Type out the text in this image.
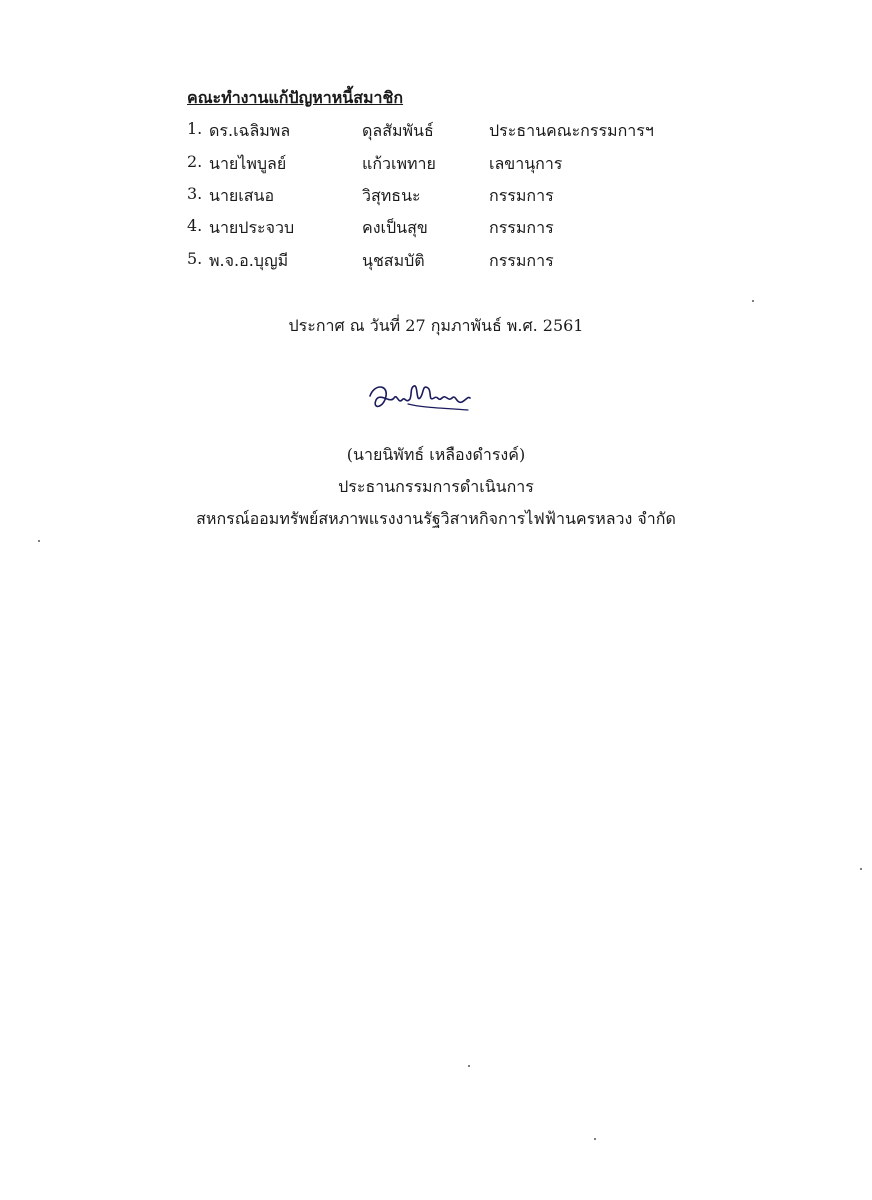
คณะทำงานแก้ปัญหาหนี้สมาชิก
1. ดร.เฉลิมพล	ดุลสัมพันธ์	ประธานคณะกรรมการฯ
2. นายไพบูลย์	แก้วเพทาย	เลขานุการ
3. นายเสนอ	วิสุทธนะ	กรรมการ
4. นายประจวบ	คงเป็นสุข	กรรมการ
5. พ.จ.อ.บุญมี	นุชสมบัติ	กรรมการ
ประกาศ ณ วันที่ 27 กุมภาพันธ์ พ.ศ. 2561
(นายนิพัทธ์ เหลืองดำรงค์)
ประธานกรรมการดำเนินการ
สหกรณ์ออมทรัพย์สหภาพแรงงานรัฐวิสาหกิจการไฟฟ้านครหลวง จำกัด
